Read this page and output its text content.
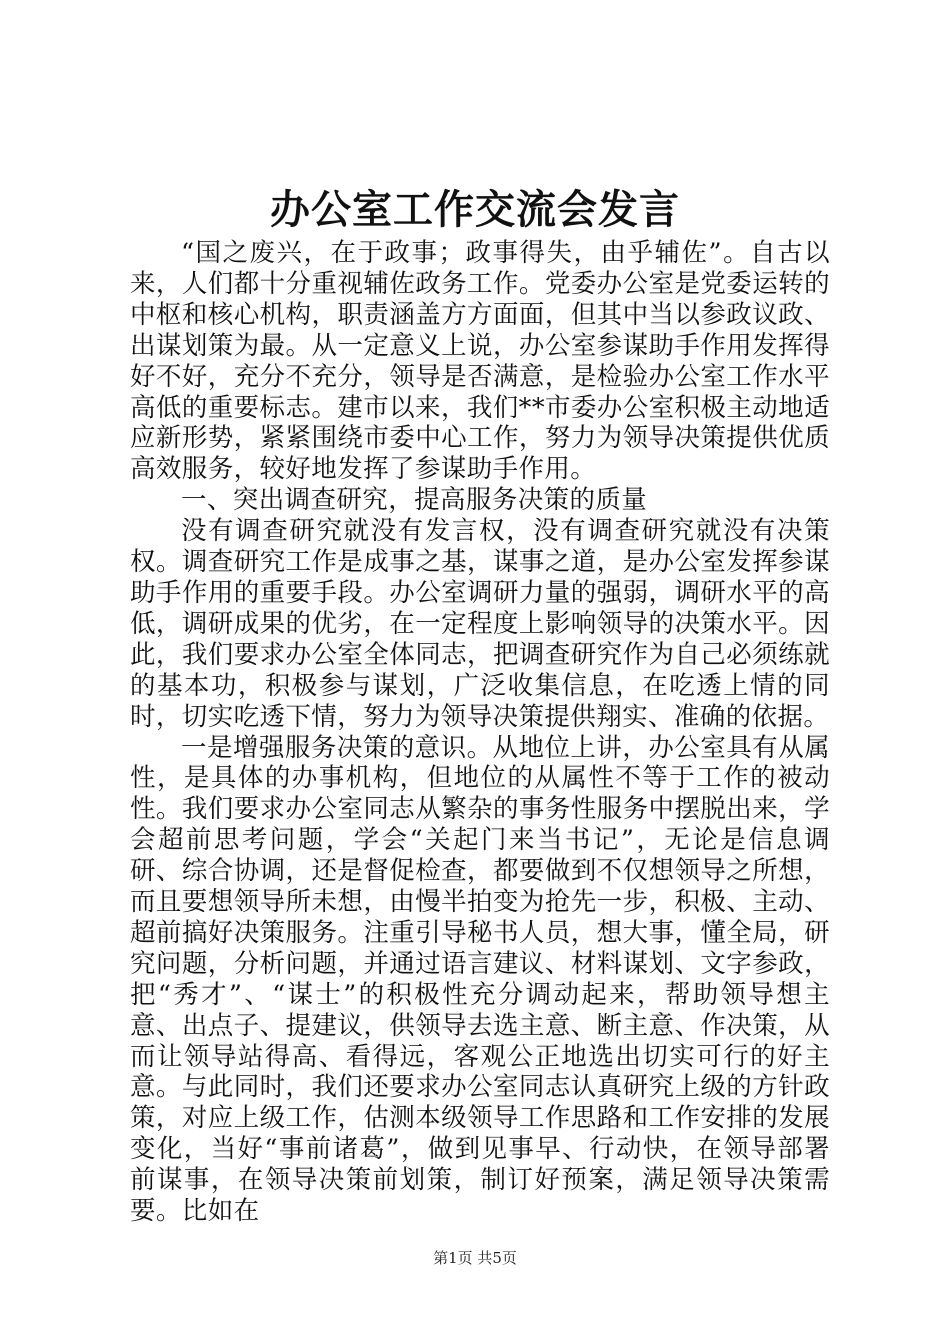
办公室工作交流会发言

“国之废兴，在于政事；政事得失，由乎辅佐”。自古以来，人们都十分重视辅佐政务工作。党委办公室是党委运转的中枢和核心机构，职责涵盖方方面面，但其中当以参政议政、出谋划策为最。从一定意义上说，办公室参谋助手作用发挥得好不好，充分不充分，领导是否满意，是检验办公室工作水平高低的重要标志。建市以来，我们**市委办公室积极主动地适应新形势，紧紧围绕市委中心工作，努力为领导决策提供优质高效服务，较好地发挥了参谋助手作用。

一、突出调查研究，提高服务决策的质量

没有调查研究就没有发言权，没有调查研究就没有决策权。调查研究工作是成事之基，谋事之道，是办公室发挥参谋助手作用的重要手段。办公室调研力量的强弱，调研水平的高低，调研成果的优劣，在一定程度上影响领导的决策水平。因此，我们要求办公室全体同志，把调查研究作为自己必须练就的基本功，积极参与谋划，广泛收集信息，在吃透上情的同时，切实吃透下情，努力为领导决策提供翔实、准确的依据。

一是增强服务决策的意识。从地位上讲，办公室具有从属性，是具体的办事机构，但地位的从属性不等于工作的被动性。我们要求办公室同志从繁杂的事务性服务中摆脱出来，学会超前思考问题，学会“关起门来当书记”，无论是信息调研、综合协调，还是督促检查，都要做到不仅想领导之所想，而且要想领导所未想，由慢半拍变为抢先一步，积极、主动、超前搞好决策服务。注重引导秘书人员，想大事，懂全局，研究问题，分析问题，并通过语言建议、材料谋划、文字参政，把“秀才”、“谋士”的积极性充分调动起来，帮助领导想主意、出点子、提建议，供领导去选主意、断主意、作决策，从而让领导站得高、看得远，客观公正地选出切实可行的好主意。与此同时，我们还要求办公室同志认真研究上级的方针政策，对应上级工作，估测本级领导工作思路和工作安排的发展变化，当好“事前诸葛”，做到见事早、行动快，在领导部署前谋事，在领导决策前划策，制订好预案，满足领导决策需要。比如在

第1页 共5页
